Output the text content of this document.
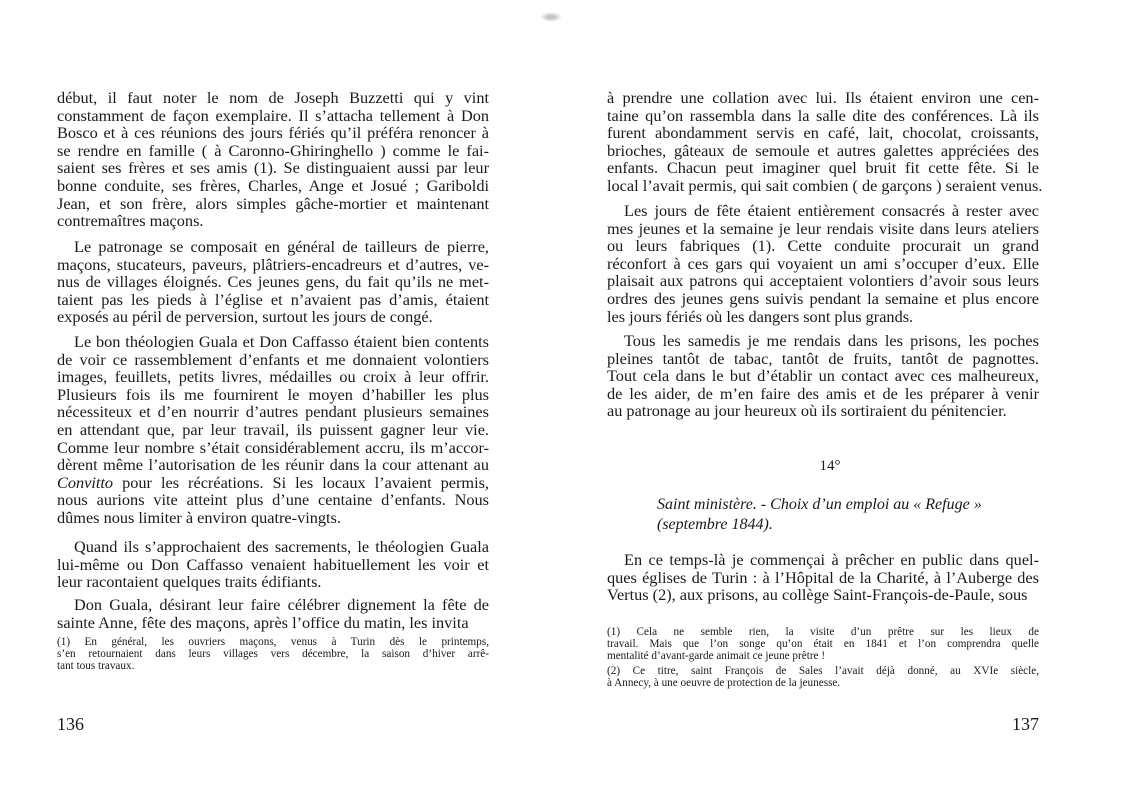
136
début, il faut noter le nom de Joseph Buzzetti qui y vint
constamment de façon exemplaire. Il s’attacha tellement à Don
Bosco et à ces réunions des jours fériés qu’il préféra renoncer à
se rendre en famille ( à Caronno-Ghiringhello ) comme le fai-
saient ses frères et ses amis (1). Se distinguaient aussi par leur
bonne conduite, ses frères, Charles, Ange et Josué ; Gariboldi
Jean, et son frère, alors simples gâche-mortier et maintenant
contremaîtres maçons.
Le patronage se composait en général de tailleurs de pierre,
maçons, stucateurs, paveurs, plâtriers-encadreurs et d’autres, ve-
nus de villages éloignés. Ces jeunes gens, du fait qu’ils ne met-
taient pas les pieds à l’église et n’avaient pas d’amis, étaient
exposés au péril de perversion, surtout les jours de congé.
Le bon théologien Guala et Don Caffasso étaient bien contents
de voir ce rassemblement d’enfants et me donnaient volontiers
images, feuillets, petits livres, médailles ou croix à leur offrir.
Plusieurs fois ils me fournirent le moyen d’habiller les plus
nécessiteux et d’en nourrir d’autres pendant plusieurs semaines
en attendant que, par leur travail, ils puissent gagner leur vie.
Comme leur nombre s’était considérablement accru, ils m’accor-
dèrent même l’autorisation de les réunir dans la cour attenant au
Convitto pour les récréations. Si les locaux l’avaient permis,
nous aurions vite atteint plus d’une centaine d’enfants. Nous
dûmes nous limiter à environ quatre-vingts.
Quand ils s’approchaient des sacrements, le théologien Guala
lui-même ou Don Caffasso venaient habituellement les voir et
leur racontaient quelques traits édifiants.
Don Guala, désirant leur faire célébrer dignement la fête de
sainte Anne, fête des maçons, après l’office du matin, les invita
(1) En général, les ouvriers maçons, venus à Turin dès le printemps,
s’en retournaient dans leurs villages vers décembre, la saison d’hiver arrê-
tant tous travaux.
14°
Saint ministère. - Choix d’un emploi au « Refuge »
(septembre 1844).
137
à prendre une collation avec lui. Ils étaient environ une cen-
taine qu’on rassembla dans la salle dite des conférences. Là ils
furent abondamment servis en café, lait, chocolat, croissants,
brioches, gâteaux de semoule et autres galettes appréciées des
enfants. Chacun peut imaginer quel bruit fit cette fête. Si le
local l’avait permis, qui sait combien ( de garçons ) seraient venus.
Les jours de fête étaient entièrement consacrés à rester avec
mes jeunes et la semaine je leur rendais visite dans leurs ateliers
ou leurs fabriques (1). Cette conduite procurait un grand
réconfort à ces gars qui voyaient un ami s’occuper d’eux. Elle
plaisait aux patrons qui acceptaient volontiers d’avoir sous leurs
ordres des jeunes gens suivis pendant la semaine et plus encore
les jours fériés où les dangers sont plus grands.
Tous les samedis je me rendais dans les prisons, les poches
pleines tantôt de tabac, tantôt de fruits, tantôt de pagnottes.
Tout cela dans le but d’établir un contact avec ces malheureux,
de les aider, de m’en faire des amis et de les préparer à venir
au patronage au jour heureux où ils sortiraient du pénitencier.
En ce temps-là je commençai à prêcher en public dans quel-
ques églises de Turin : à l’Hôpital de la Charité, à l’Auberge des
Vertus (2), aux prisons, au collège Saint-François-de-Paule, sous
(1) Cela ne semble rien, la visite d’un prêtre sur les lieux de
travail. Mais que l’on songe qu’on était en 1841 et l’on comprendra quelle
mentalité d’avant-garde animait ce jeune prêtre !
(2) Ce titre, saint François de Sales l’avait déjà donné, au XVIe siècle,
à Annecy, à une oeuvre de protection de la jeunesse.
